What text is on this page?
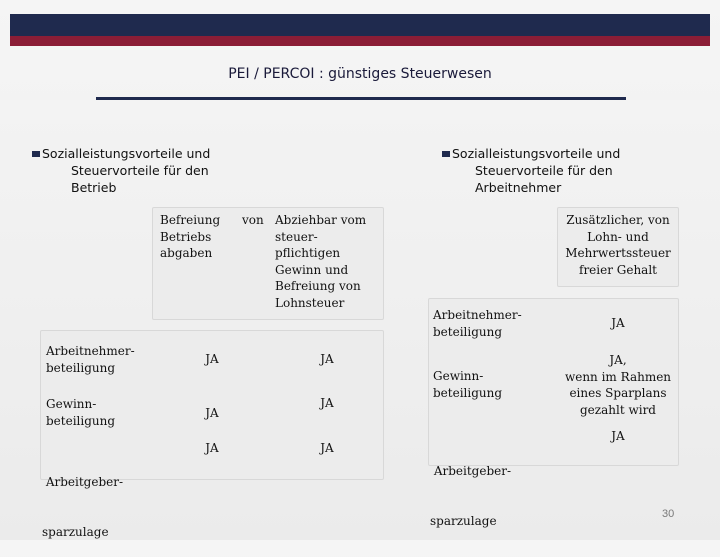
PEI / PERCOI : günstiges Steuerwesen
Sozialleistungsvorteile und
Steuervorteile für den
Betrieb
Sozialleistungsvorteile und
Steuervorteile für den
Arbeitnehmer
Befreiung
Betriebs
abgaben
von Abziehbar vom
steuer-
pflichtigen
Gewinn und
Befreiung von
Lohnsteuer
Arbeitnehmer-
beteiligung
JA	JA
Gewinn-
beteiligung
JA
JA

Arbeitgeber-

sparzulage

JA	JA
Zusätzlicher, von
Lohn- und
Mehrwertssteuer
freier Gehalt
Arbeitnehmer-
beteiligung
JA
Gewinn-
beteiligung
JA,
wenn im Rahmen
eines Sparplans
gezahlt wird

Arbeitgeber-

sparzulage

JA
30
